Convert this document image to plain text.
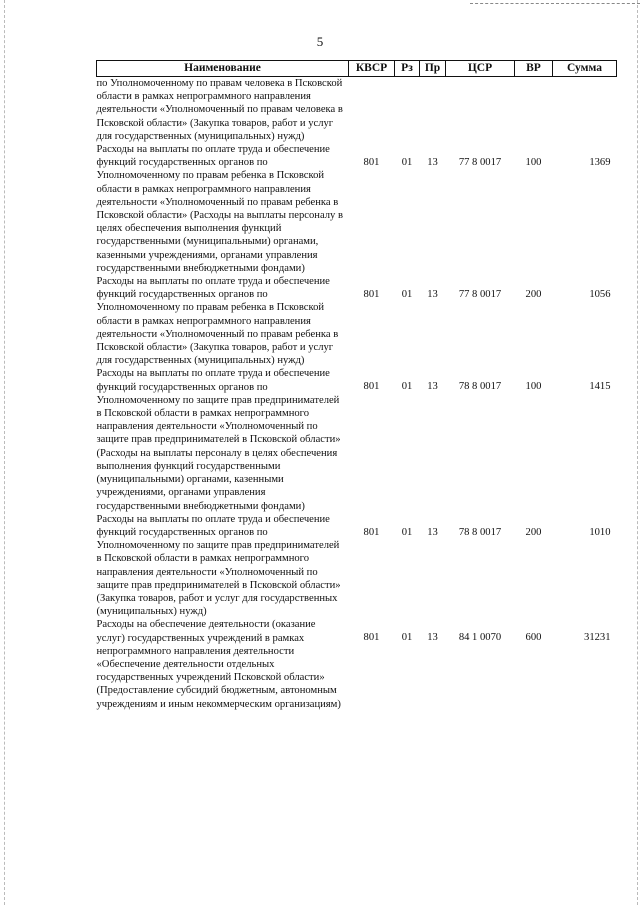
5
Наименование	КВСР	Рз	Пр	ЦСР	ВР	Сумма
по Уполномоченному по правам человека в Псковской области в рамках непрограммного направления деятельности «Уполномоченный по правам человека в Псковской области» (Закупка товаров, работ и услуг для государственных (муниципальных) нужд)						
Расходы на выплаты по оплате труда и обеспечение функций государственных органов по Уполномоченному по правам ребенка в Псковской области в рамках непрограммного направления деятельности «Уполномоченный по правам ребенка в Псковской области» (Расходы на выплаты персоналу в целях обеспечения выполнения функций государственными (муниципальными) органами, казенными учреждениями, органами управления государственными внебюджетными фондами)	801	01	13	77 8 0017	100	1369
Расходы на выплаты по оплате труда и обеспечение функций государственных органов по Уполномоченному по правам ребенка в Псковской области в рамках непрограммного направления деятельности «Уполномоченный по правам ребенка в Псковской области» (Закупка товаров, работ и услуг для государственных (муниципальных) нужд)	801	01	13	77 8 0017	200	1056
Расходы на выплаты по оплате труда и обеспечение функций государственных органов по Уполномоченному по защите прав предпринимателей в Псковской области в рамках непрограммного направления деятельности «Уполномоченный по защите прав предпринимателей в Псковской области» (Расходы на выплаты персоналу в целях обеспечения выполнения функций государственными (муниципальными) органами, казенными учреждениями, органами управления государственными внебюджетными фондами)	801	01	13	78 8 0017	100	1415
Расходы на выплаты по оплате труда и обеспечение функций государственных органов по Уполномоченному по защите прав предпринимателей в Псковской области в рамках непрограммного направления деятельности «Уполномоченный по защите прав предпринимателей в Псковской области» (Закупка товаров, работ и услуг для государственных (муниципальных) нужд)	801	01	13	78 8 0017	200	1010
Расходы на обеспечение деятельности (оказание услуг) государственных учреждений в рамках непрограммного направления деятельности «Обеспечение деятельности отдельных государственных учреждений Псковской области» (Предоставление субсидий бюджетным, автономным учреждениям и иным некоммерческим организациям)	801	01	13	84 1 0070	600	31231
